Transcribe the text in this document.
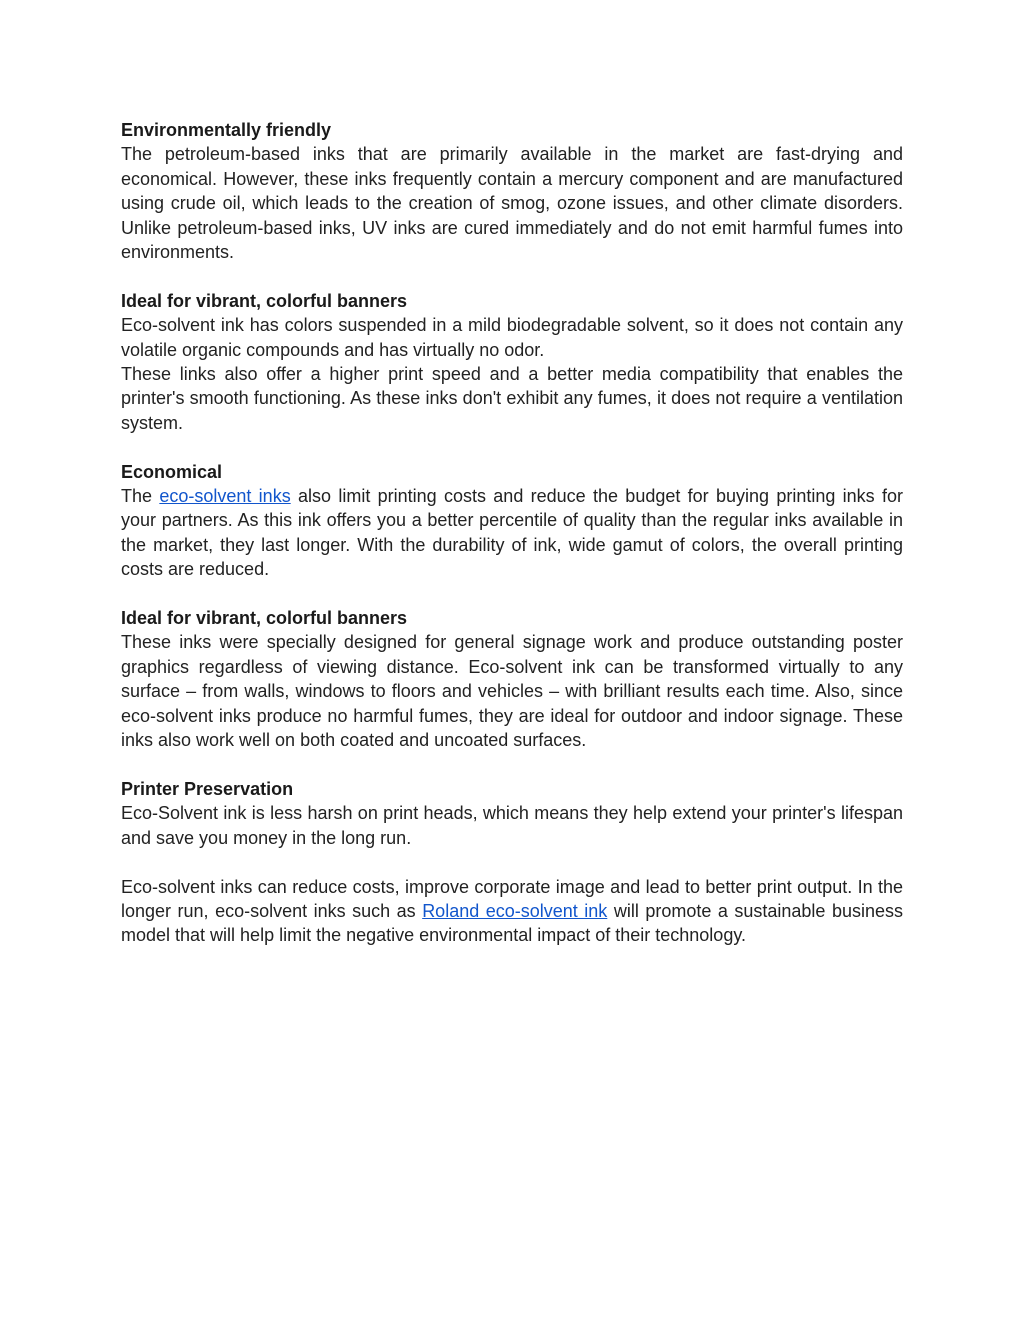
Environmentally friendly

The petroleum-based inks that are primarily available in the market are fast-drying and economical. However, these inks frequently contain a mercury component and are manufactured using crude oil, which leads to the creation of smog, ozone issues, and other climate disorders. Unlike petroleum-based inks, UV inks are cured immediately and do not emit harmful fumes into environments.

Ideal for vibrant, colorful banners

Eco-solvent ink has colors suspended in a mild biodegradable solvent, so it does not contain any volatile organic compounds and has virtually no odor.

These links also offer a higher print speed and a better media compatibility that enables the printer's smooth functioning. As these inks don't exhibit any fumes, it does not require a ventilation system.

Economical

The eco-solvent inks also limit printing costs and reduce the budget for buying printing inks for your partners. As this ink offers you a better percentile of quality than the regular inks available in the market, they last longer. With the durability of ink, wide gamut of colors, the overall printing costs are reduced.

Ideal for vibrant, colorful banners

These inks were specially designed for general signage work and produce outstanding poster graphics regardless of viewing distance. Eco-solvent ink can be transformed virtually to any surface – from walls, windows to floors and vehicles – with brilliant results each time. Also, since eco-solvent inks produce no harmful fumes, they are ideal for outdoor and indoor signage. These inks also work well on both coated and uncoated surfaces.

Printer Preservation

Eco-Solvent ink is less harsh on print heads, which means they help extend your printer's lifespan and save you money in the long run.

Eco-solvent inks can reduce costs, improve corporate image and lead to better print output. In the longer run, eco-solvent inks such as Roland eco-solvent ink will promote a sustainable business model that will help limit the negative environmental impact of their technology.
